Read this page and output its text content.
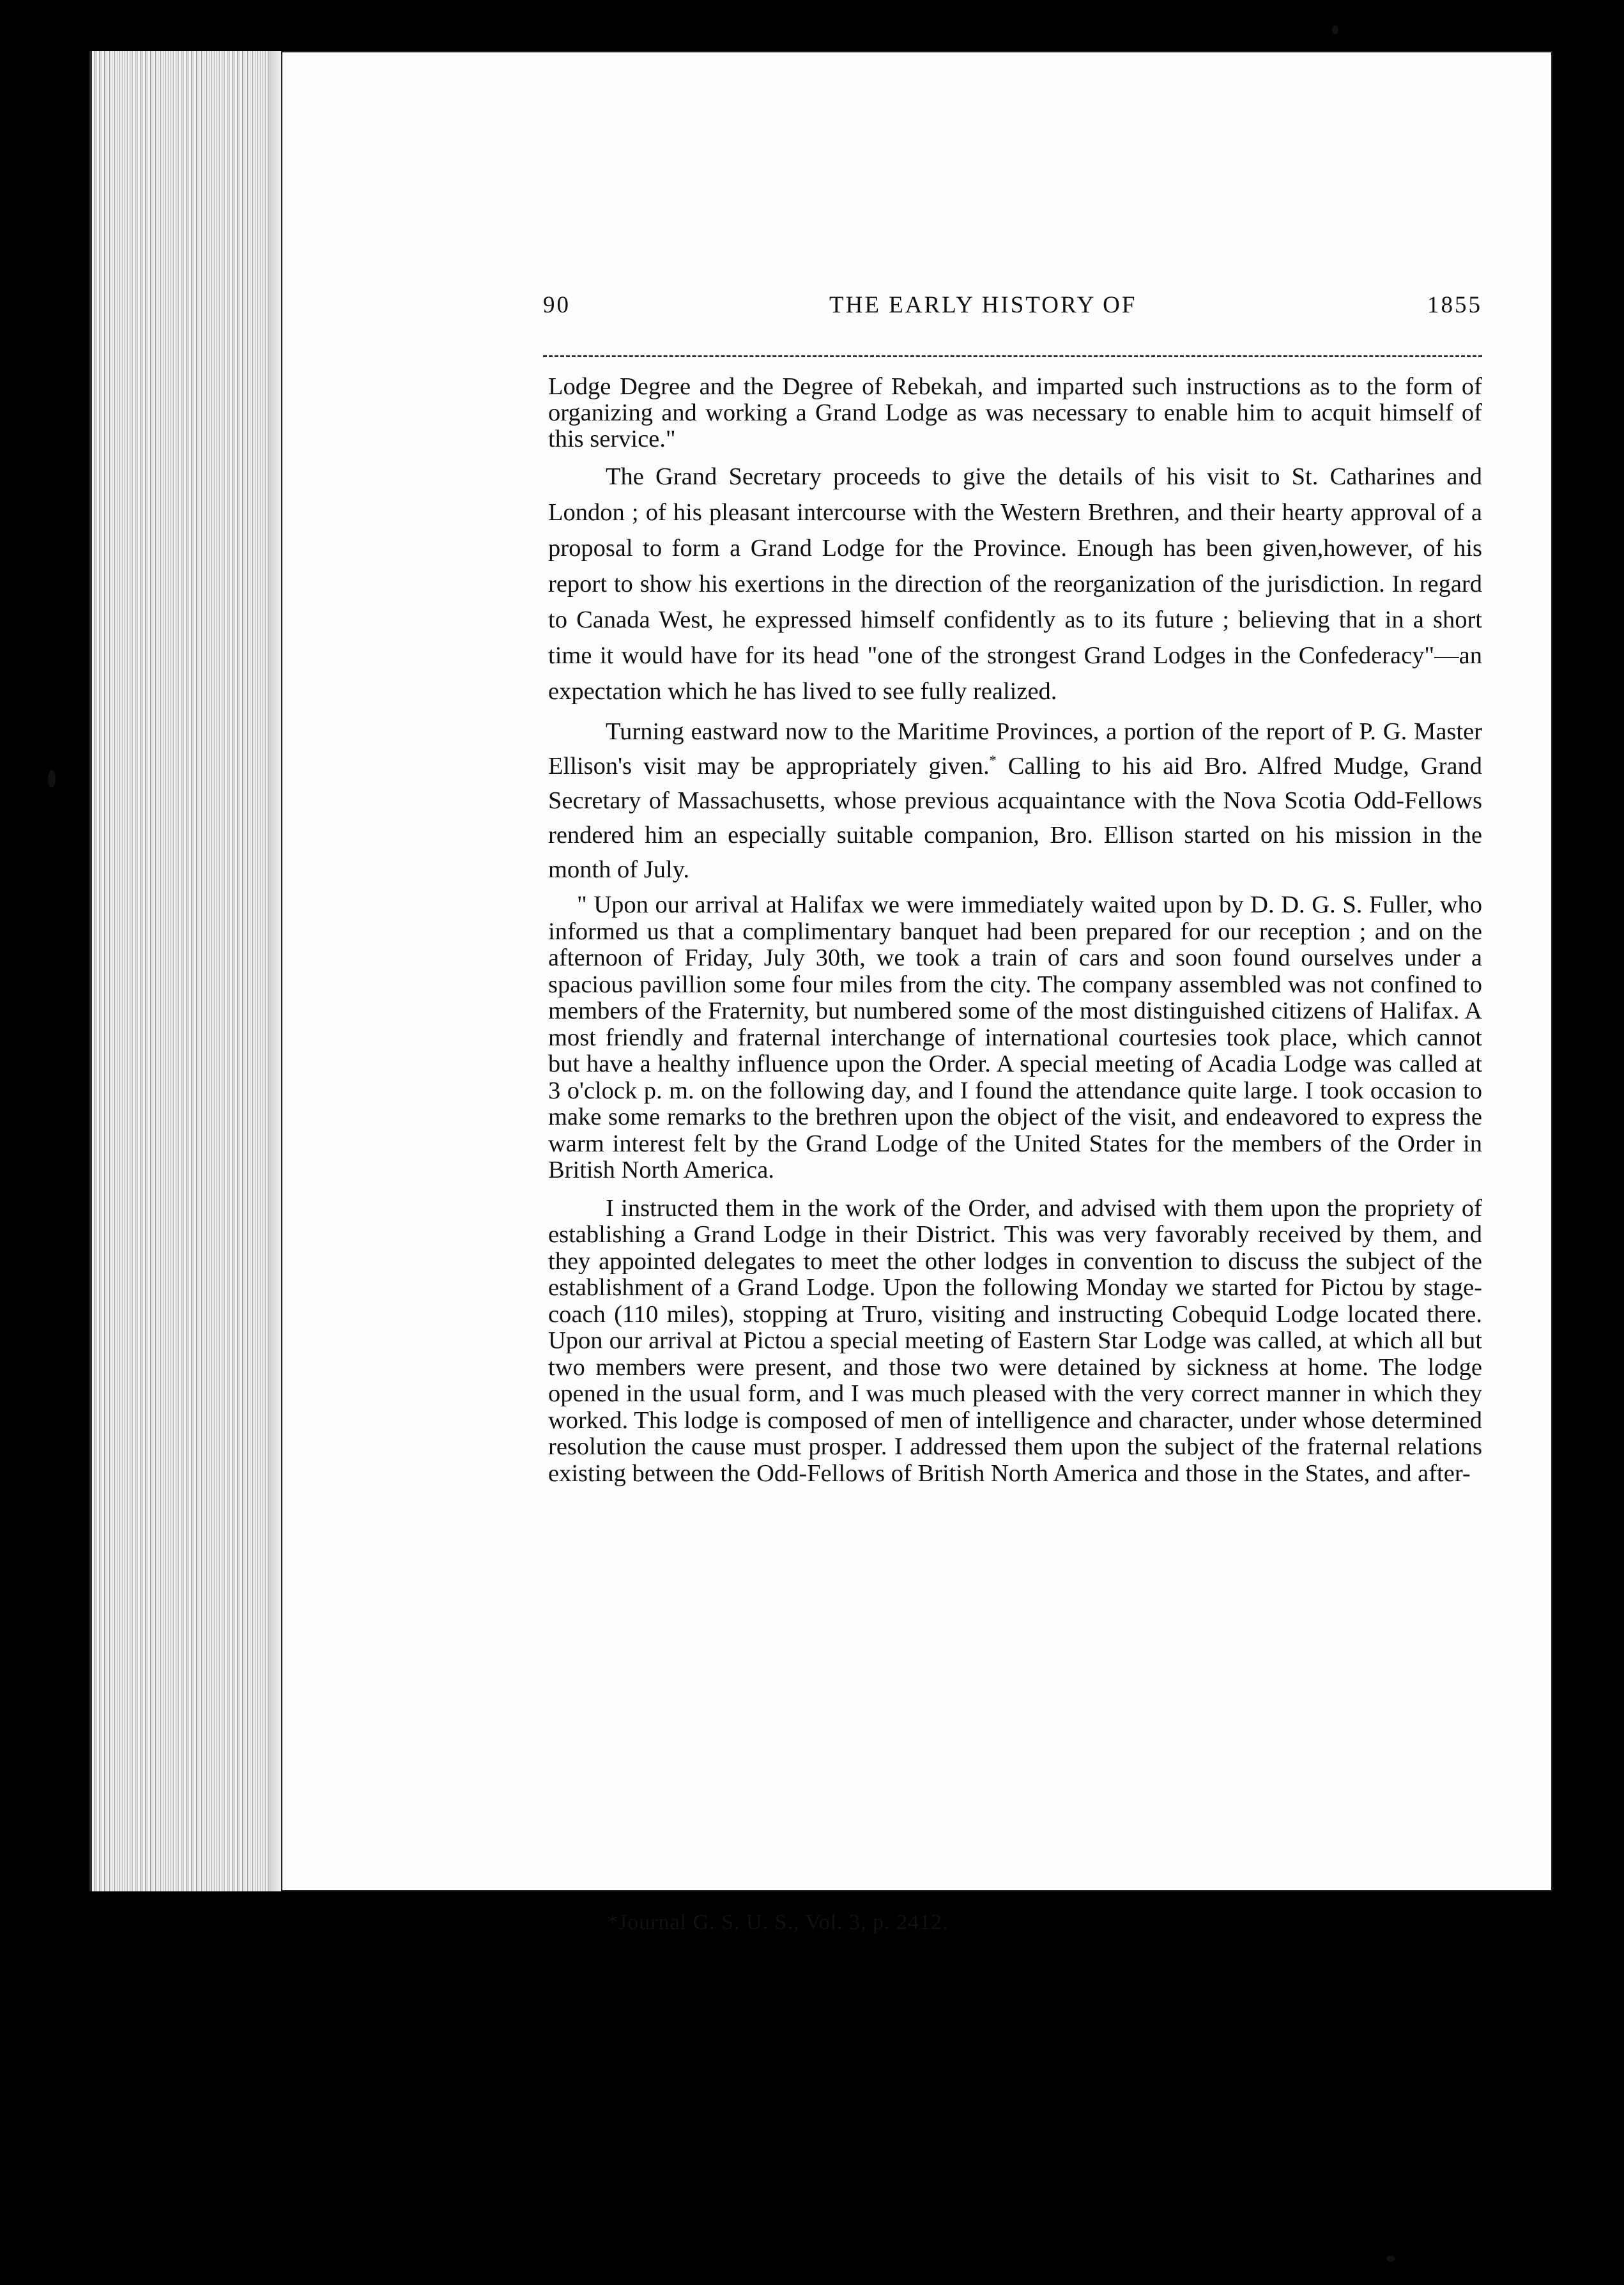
90	THE EARLY HISTORY OF	1855

Lodge Degree and the Degree of Rebekah, and imparted such instructions as to the form of organizing and working a Grand Lodge as was necessary to enable him to acquit himself of this service."

The Grand Secretary proceeds to give the details of his visit to St. Catharines and London ; of his pleasant intercourse with the Western Brethren, and their hearty approval of a proposal to form a Grand Lodge for the Province. Enough has been given,however, of his report to show his exertions in the direction of the reorganization of the jurisdiction. In regard to Canada West, he expressed himself confidently as to its future ; believing that in a short time it would have for its head "one of the strongest Grand Lodges in the Confederacy"—an expectation which he has lived to see fully realized.

Turning eastward now to the Maritime Provinces, a portion of the report of P. G. Master Ellison's visit may be appropriately given.* Calling to his aid Bro. Alfred Mudge, Grand Secretary of Massachusetts, whose previous acquaintance with the Nova Scotia Odd-Fellows rendered him an especially suitable companion, Bro. Ellison started on his mission in the month of July.

" Upon our arrival at Halifax we were immediately waited upon by D. D. G. S. Fuller, who informed us that a complimentary banquet had been prepared for our reception ; and on the afternoon of Friday, July 30th, we took a train of cars and soon found ourselves under a spacious pavillion some four miles from the city. The company assembled was not confined to members of the Fraternity, but numbered some of the most distinguished citizens of Halifax. A most friendly and fraternal interchange of international courtesies took place, which cannot but have a healthy influence upon the Order. A special meeting of Acadia Lodge was called at 3 o'clock p. m. on the following day, and I found the attendance quite large. I took occasion to make some remarks to the brethren upon the object of the visit, and endeavored to express the warm interest felt by the Grand Lodge of the United States for the members of the Order in British North America.

I instructed them in the work of the Order, and advised with them upon the propriety of establishing a Grand Lodge in their District. This was very favorably received by them, and they appointed delegates to meet the other lodges in convention to discuss the subject of the establishment of a Grand Lodge. Upon the following Monday we started for Pictou by stage-coach (110 miles), stopping at Truro, visiting and instructing Cobequid Lodge located there. Upon our arrival at Pictou a special meeting of Eastern Star Lodge was called, at which all but two members were present, and those two were detained by sickness at home. The lodge opened in the usual form, and I was much pleased with the very correct manner in which they worked. This lodge is composed of men of intelligence and character, under whose determined resolution the cause must prosper. I addressed them upon the subject of the fraternal relations existing between the Odd-Fellows of British North America and those in the States, and after-

*Journal G. S. U. S., Vol. 3, p. 2412.
